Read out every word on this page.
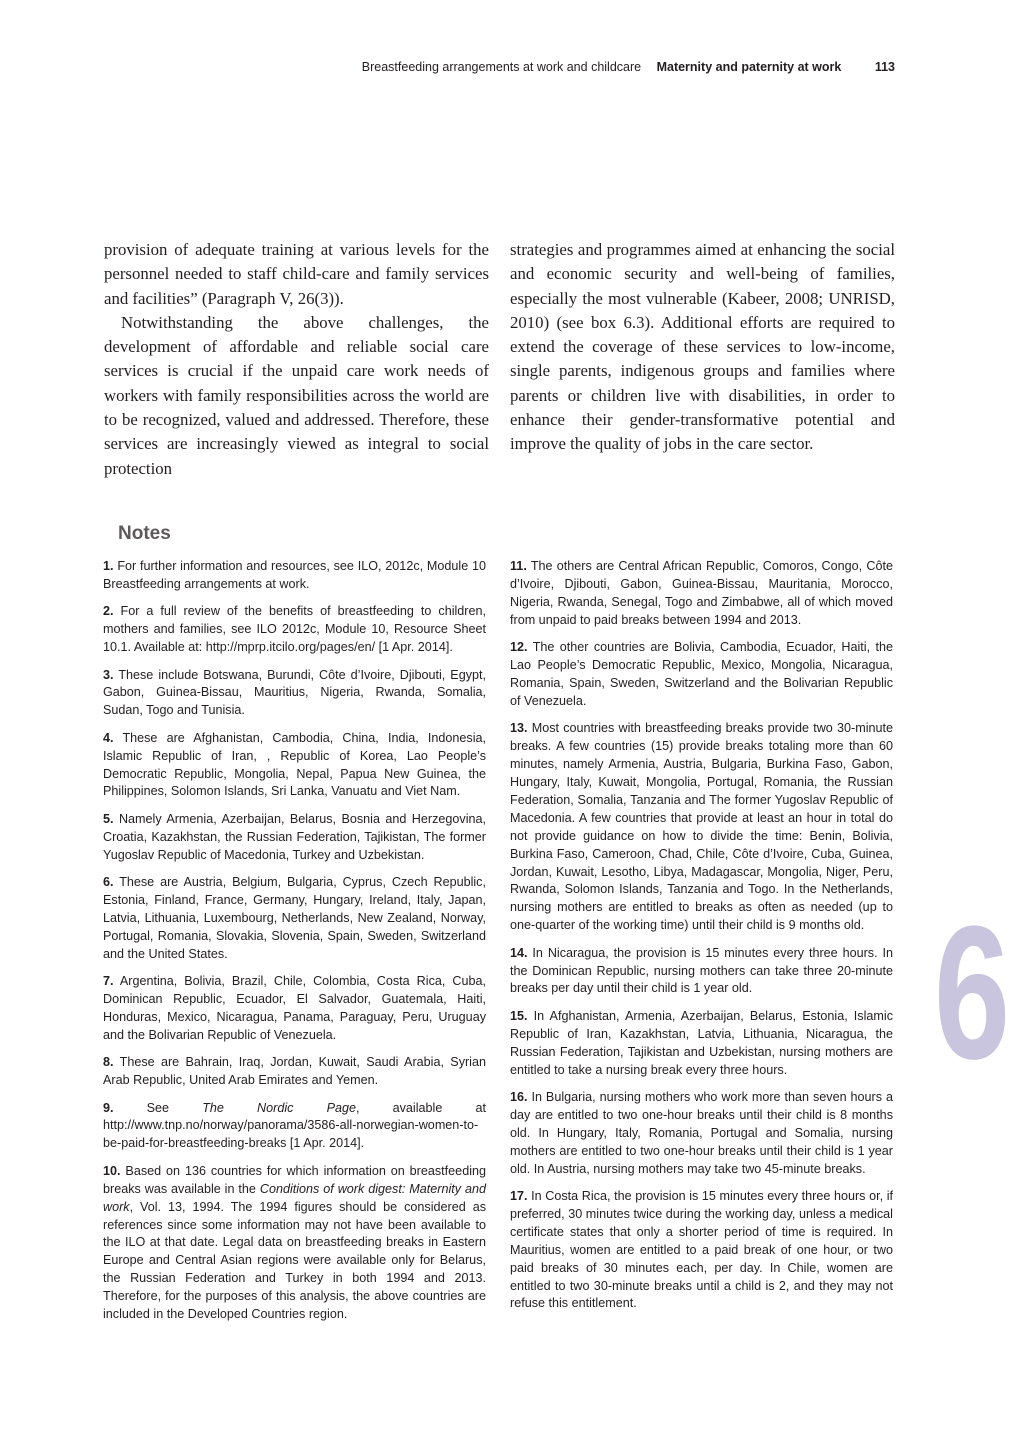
Breastfeeding arrangements at work and childcare Maternity and paternity at work	113

provision of adequate training at various levels for the personnel needed to staff child-care and family services and facilities” (Paragraph V, 26(3)).

Notwithstanding the above challenges, the development of affordable and reliable social care services is crucial if the unpaid care work needs of workers with family responsibilities across the world are to be recognized, valued and addressed. Therefore, these services are increasingly viewed as integral to social protection

strategies and programmes aimed at enhancing the social and economic security and well-being of families, especially the most vulnerable (Kabeer, 2008; UNRISD, 2010) (see box 6.3). Additional efforts are required to extend the coverage of these services to low-income, single parents, indigenous groups and families where parents or children live with disabilities, in order to enhance their gender-transformative potential and improve the quality of jobs in the care sector.

Notes

1. For further information and resources, see ILO, 2012c, Module 10 Breastfeeding arrangements at work.

2. For a full review of the benefits of breastfeeding to children, mothers and families, see ILO 2012c, Module 10, Resource Sheet 10.1. Available at: http://mprp.itcilo.org/pages/en/ [1 Apr. 2014].

3. These include Botswana, Burundi, Côte d’Ivoire, Djibouti, Egypt, Gabon, Guinea-Bissau, Mauritius, Nigeria, Rwanda, Somalia, Sudan, Togo and Tunisia.

4. These are Afghanistan, Cambodia, China, India, Indonesia, Islamic Republic of Iran, , Republic of Korea, Lao People’s Democratic Republic, Mongolia, Nepal, Papua New Guinea, the Philippines, Solomon Islands, Sri Lanka, Vanuatu and Viet Nam.

5. Namely Armenia, Azerbaijan, Belarus, Bosnia and Herzegovina, Croatia, Kazakhstan, the Russian Federation, Tajikistan, The former Yugoslav Republic of Macedonia, Turkey and Uzbekistan.

6. These are Austria, Belgium, Bulgaria, Cyprus, Czech Republic, Estonia, Finland, France, Germany, Hungary, Ireland, Italy, Japan, Latvia, Lithuania, Luxembourg, Netherlands, New Zealand, Norway, Portugal, Romania, Slovakia, Slovenia, Spain, Sweden, Switzerland and the United States.

7. Argentina, Bolivia, Brazil, Chile, Colombia, Costa Rica, Cuba, Dominican Republic, Ecuador, El Salvador, Guatemala, Haiti, Honduras, Mexico, Nicaragua, Panama, Paraguay, Peru, Uruguay and the Bolivarian Republic of Venezuela.

8. These are Bahrain, Iraq, Jordan, Kuwait, Saudi Arabia, Syrian Arab Republic, United Arab Emirates and Yemen.

9.	See The Nordic Page, available at http://www.tnp.no/norway/panorama/3586-all-norwegian-women-to-be-paid-for-breastfeeding-breaks [1 Apr. 2014].

10. Based on 136 countries for which information on breastfeeding breaks was available in the Conditions of work digest: Maternity and work, Vol. 13, 1994. The 1994 figures should be considered as references since some information may not have been available to the ILO at that date. Legal data on breastfeeding breaks in Eastern Europe and Central Asian regions were available only for Belarus, the Russian Federation and Turkey in both 1994 and 2013. Therefore, for the purposes of this analysis, the above countries are included in the Developed Countries region.

11. The others are Central African Republic, Comoros, Congo, Côte d’Ivoire, Djibouti, Gabon, Guinea-Bissau, Mauritania, Morocco, Nigeria, Rwanda, Senegal, Togo and Zimbabwe, all of which moved from unpaid to paid breaks between 1994 and 2013.

12. The other countries are Bolivia, Cambodia, Ecuador, Haiti, the Lao People’s Democratic Republic, Mexico, Mongolia, Nicaragua, Romania, Spain, Sweden, Switzerland and the Bolivarian Republic of Venezuela.

13. Most countries with breastfeeding breaks provide two 30-minute breaks. A few countries (15) provide breaks totaling more than 60 minutes, namely Armenia, Austria, Bulgaria, Burkina Faso, Gabon, Hungary, Italy, Kuwait, Mongolia, Portugal, Romania, the Russian Federation, Somalia, Tanzania and The former Yugoslav Republic of Macedonia. A few countries that provide at least an hour in total do not provide guidance on how to divide the time: Benin, Bolivia, Burkina Faso, Cameroon, Chad, Chile, Côte d’Ivoire, Cuba, Guinea, Jordan, Kuwait, Lesotho, Libya, Madagascar, Mongolia, Niger, Peru, Rwanda, Solomon Islands, Tanzania and Togo. In the Netherlands, nursing mothers are entitled to breaks as often as needed (up to one-quarter of the working time) until their child is 9 months old.

14. In Nicaragua, the provision is 15 minutes every three hours. In the Dominican Republic, nursing mothers can take three 20-minute breaks per day until their child is 1 year old.

15. In Afghanistan, Armenia, Azerbaijan, Belarus, Estonia, Islamic Republic of Iran, Kazakhstan, Latvia, Lithuania, Nicaragua, the Russian Federation, Tajikistan and Uzbekistan, nursing mothers are entitled to take a nursing break every three hours.

16. In Bulgaria, nursing mothers who work more than seven hours a day are entitled to two one-hour breaks until their child is 8 months old. In Hungary, Italy, Romania, Portugal and Somalia, nursing mothers are entitled to two one-hour breaks until their child is 1 year old. In Austria, nursing mothers may take two 45-minute breaks.

17. In Costa Rica, the provision is 15 minutes every three hours or, if preferred, 30 minutes twice during the working day, unless a medical certificate states that only a shorter period of time is required. In Mauritius, women are entitled to a paid break of one hour, or two paid breaks of 30 minutes each, per day. In Chile, women are entitled to two 30-minute breaks until a child is 2, and they may not refuse this entitlement.

6
